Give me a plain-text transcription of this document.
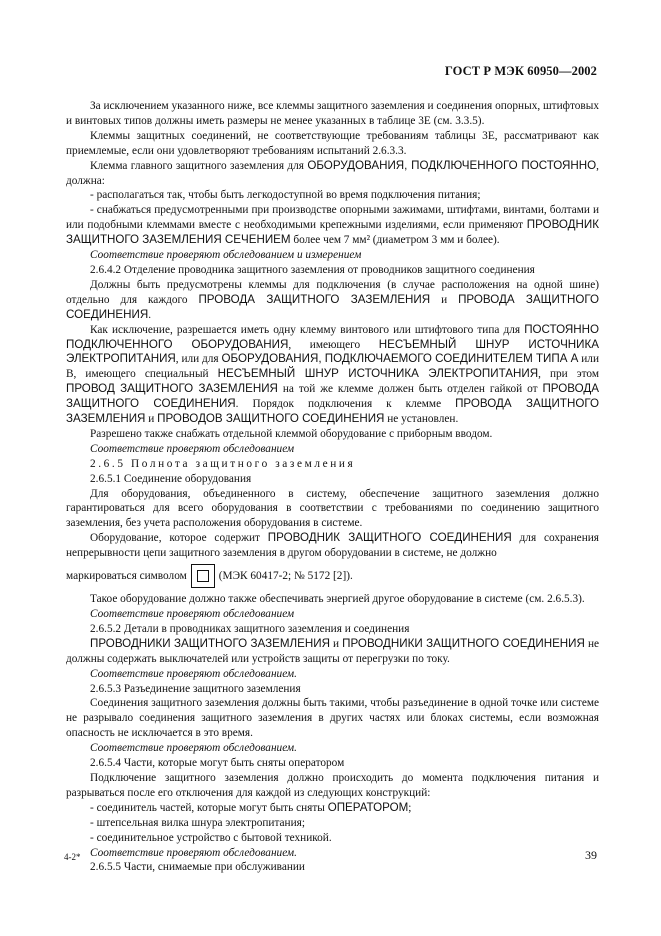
ГОСТ Р МЭК 60950—2002

За исключением указанного ниже, все клеммы защитного заземления и соединения опорных, штифтовых и винтовых типов должны иметь размеры не менее указанных в таблице 3Е (см. 3.3.5).

Клеммы защитных соединений, не соответствующие требованиям таблицы 3Е, рассматривают как приемлемые, если они удовлетворяют требованиям испытаний 2.6.3.3.

Клемма главного защитного заземления для ОБОРУДОВАНИЯ, ПОДКЛЮЧЕННОГО ПОСТОЯННО, должна:

- располагаться так, чтобы быть легкодоступной во время подключения питания;

- снабжаться предусмотренными при производстве опорными зажимами, штифтами, винтами, болтами и или подобными клеммами вместе с необходимыми крепежными изделиями, если применяют ПРОВОДНИК ЗАЩИТНОГО ЗАЗЕМЛЕНИЯ СЕЧЕНИЕМ более чем 7 мм² (диаметром 3 мм и более).

Соответствие проверяют обследованием и измерением

2.6.4.2 Отделение проводника защитного заземления от проводников защитного соединения

Должны быть предусмотрены клеммы для подключения (в случае расположения на одной шине) отдельно для каждого ПРОВОДА ЗАЩИТНОГО ЗАЗЕМЛЕНИЯ и ПРОВОДА ЗАЩИТНОГО СОЕДИНЕНИЯ.

Как исключение, разрешается иметь одну клемму винтового или штифтового типа для ПОСТОЯННО ПОДКЛЮЧЕННОГО ОБОРУДОВАНИЯ, имеющего НЕСЪЕМНЫЙ ШНУР ИСТОЧНИКА ЭЛЕКТРОПИТАНИЯ, или для ОБОРУДОВАНИЯ, ПОДКЛЮЧАЕМОГО СОЕДИНИТЕЛЕМ ТИПА А или В, имеющего специальный НЕСЪЕМНЫЙ ШНУР ИСТОЧНИКА ЭЛЕКТРОПИТАНИЯ, при этом ПРОВОД ЗАЩИТНОГО ЗАЗЕМЛЕНИЯ на той же клемме должен быть отделен гайкой от ПРОВОДА ЗАЩИТНОГО СОЕДИНЕНИЯ. Порядок подключения к клемме ПРОВОДА ЗАЩИТНОГО ЗАЗЕМЛЕНИЯ и ПРОВОДОВ ЗАЩИТНОГО СОЕДИНЕНИЯ не установлен.

Разрешено также снабжать отдельной клеммой оборудование с приборным вводом.

Соответствие проверяют обследованием

2.6.5 Полнота защитного заземления

2.6.5.1 Соединение оборудования

Для оборудования, объединенного в систему, обеспечение защитного заземления должно гарантироваться для всего оборудования в соответствии с требованиями по соединению защитного заземления, без учета расположения оборудования в системе.

Оборудование, которое содержит ПРОВОДНИК ЗАЩИТНОГО СОЕДИНЕНИЯ для сохранения непрерывности цепи защитного заземления в другом оборудовании в системе, не должно

маркироваться символом	(МЭК 60417-2; № 5172 [2]).

Такое оборудование должно также обеспечивать энергией другое оборудование в системе (см. 2.6.5.3).

Соответствие проверяют обследованием

2.6.5.2 Детали в проводниках защитного заземления и соединения

ПРОВОДНИКИ ЗАЩИТНОГО ЗАЗЕМЛЕНИЯ и ПРОВОДНИКИ ЗАЩИТНОГО СОЕДИНЕНИЯ не должны содержать выключателей или устройств защиты от перегрузки по току.

Соответствие проверяют обследованием.

2.6.5.3 Разъединение защитного заземления

Соединения защитного заземления должны быть такими, чтобы разъединение в одной точке или системе не разрывало соединения защитного заземления в других частях или блоках системы, если возможная опасность не исключается в это время.

Соответствие проверяют обследованием.

2.6.5.4 Части, которые могут быть сняты оператором

Подключение защитного заземления должно происходить до момента подключения питания и разрываться после его отключения для каждой из следующих конструкций:

- соединитель частей, которые могут быть сняты ОПЕРАТОРОМ;

- штепсельная вилка шнура электропитания;

- соединительное устройство с бытовой техникой.

Соответствие проверяют обследованием.

2.6.5.5 Части, снимаемые при обслуживании

4-2*	39
